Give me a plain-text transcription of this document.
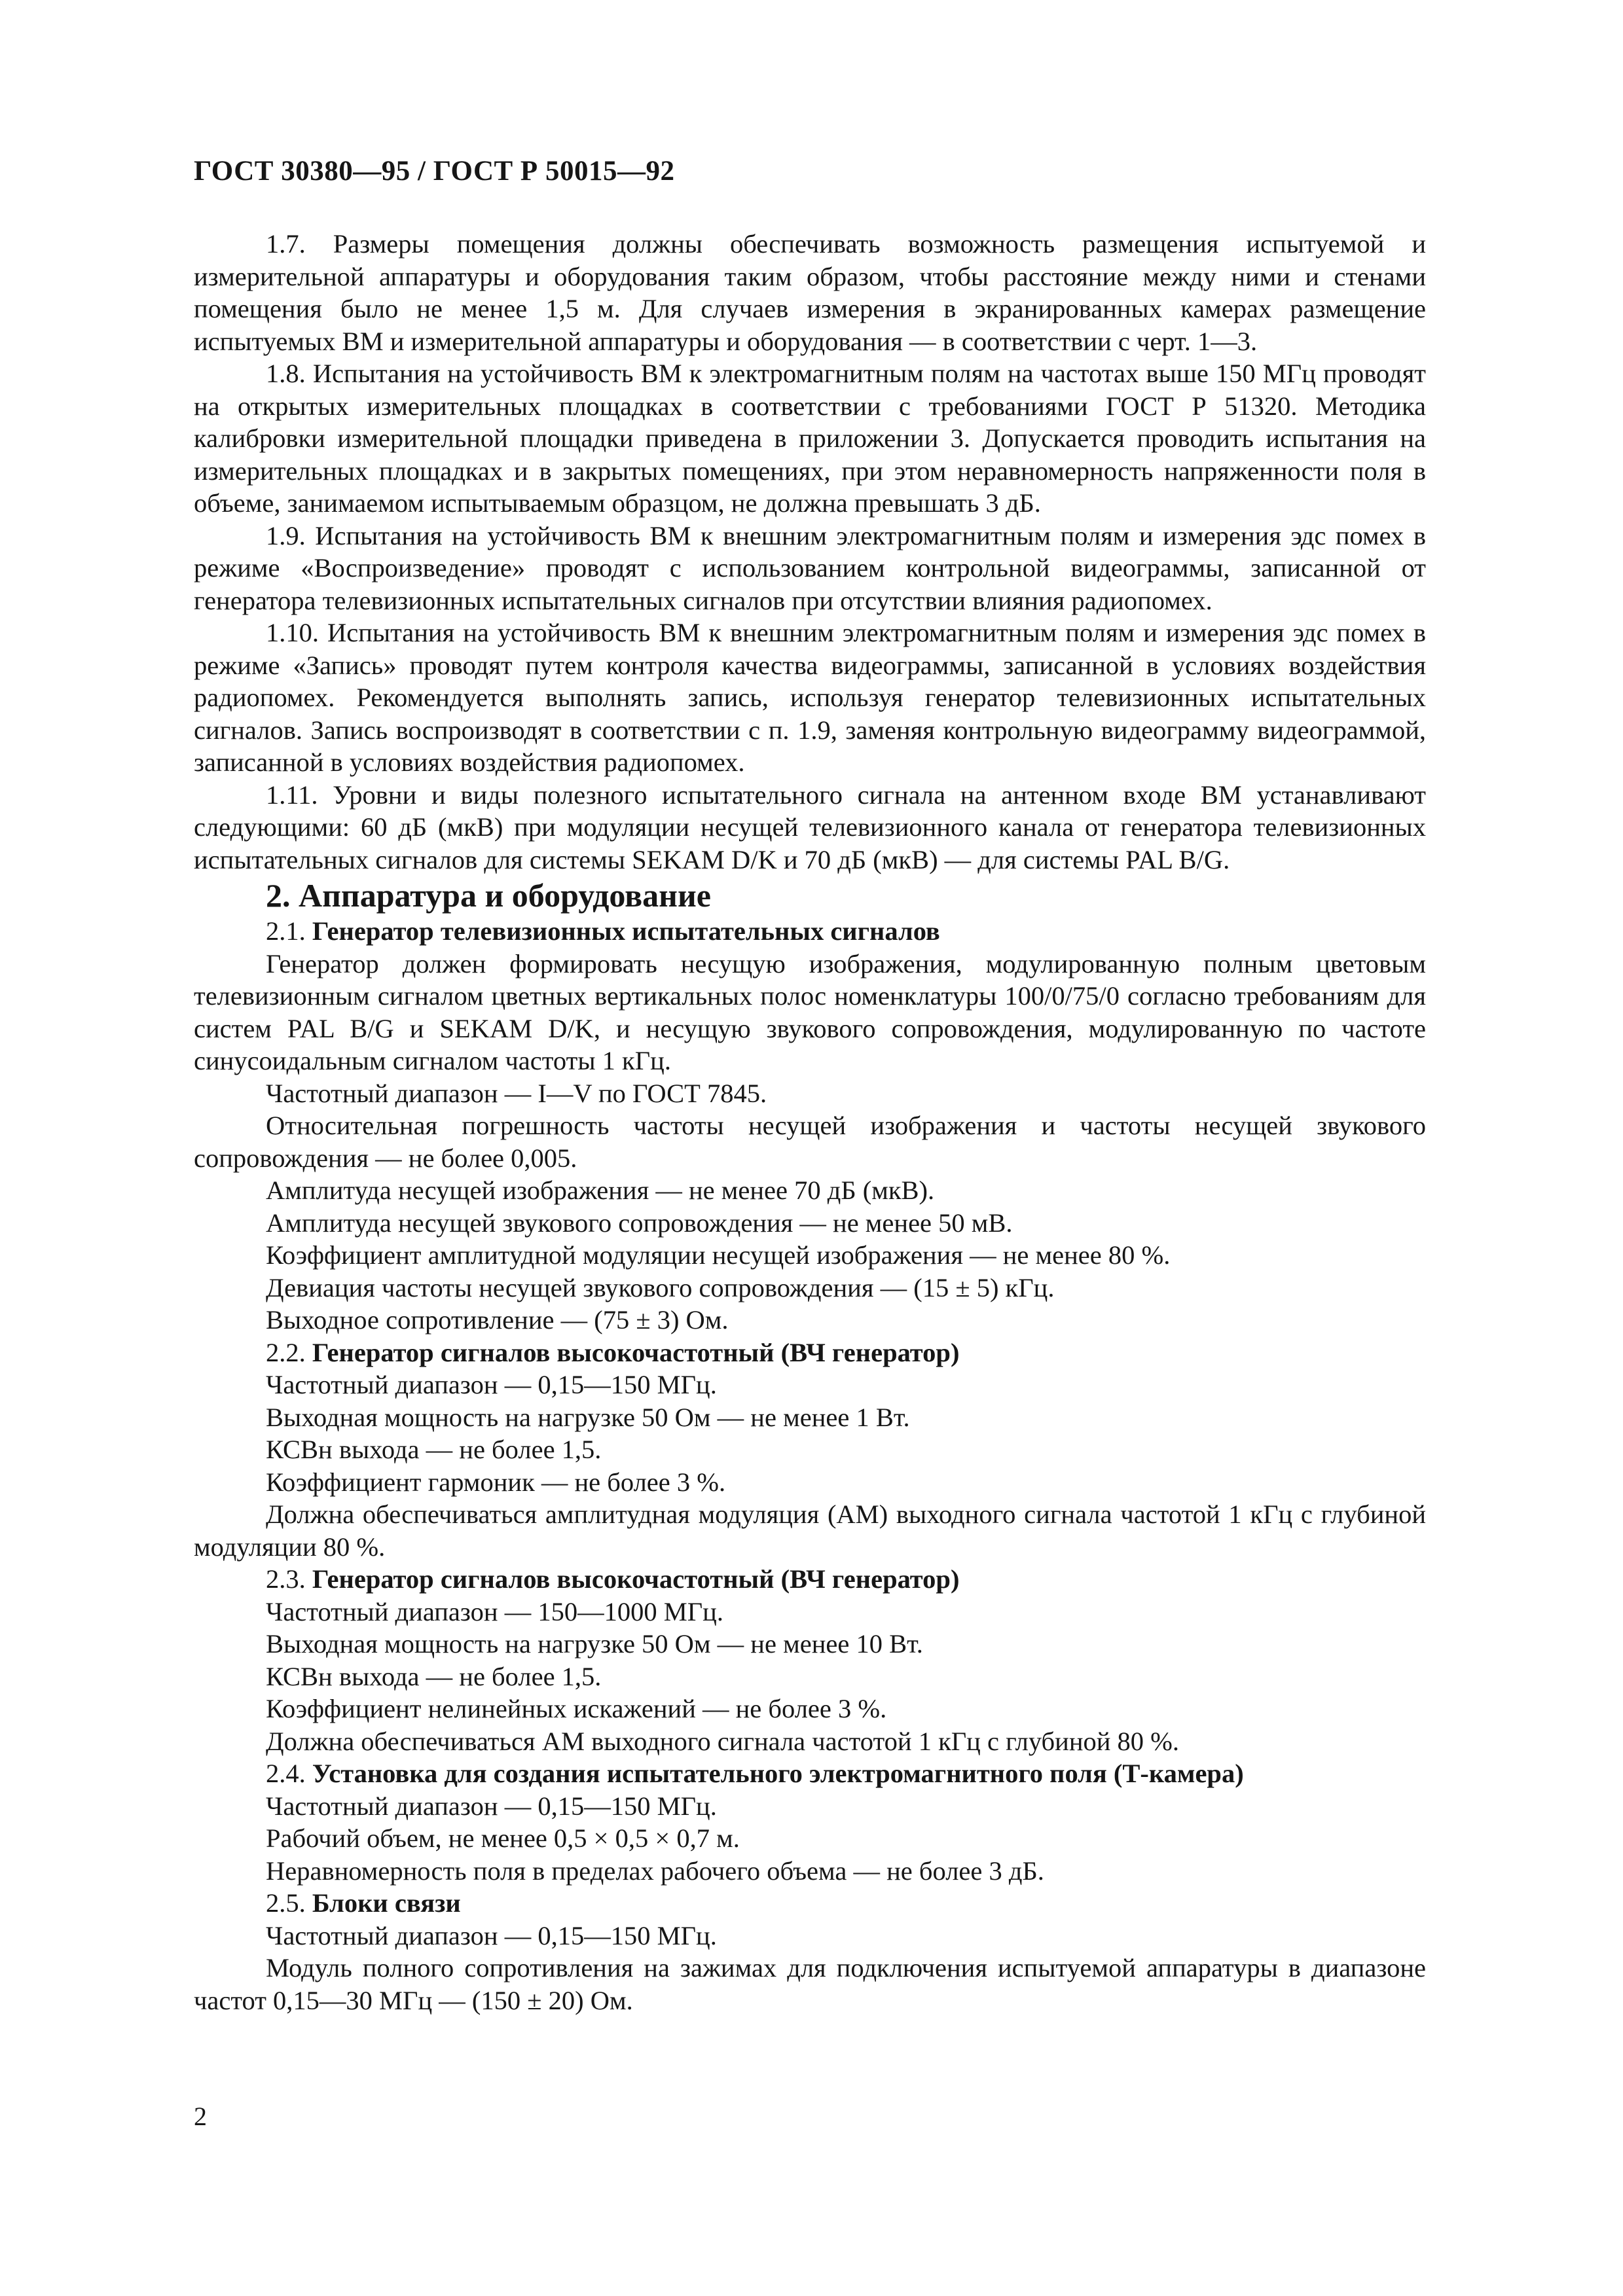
ГОСТ 30380—95 / ГОСТ Р 50015—92

1.7. Размеры помещения должны обеспечивать возможность размещения испытуемой и измерительной аппаратуры и оборудования таким образом, чтобы расстояние между ними и стенами помещения было не менее 1,5 м. Для случаев измерения в экранированных камерах размещение испытуемых ВМ и измерительной аппаратуры и оборудования — в соответствии с черт. 1—3.

1.8. Испытания на устойчивость ВМ к электромагнитным полям на частотах выше 150 МГц проводят на открытых измерительных площадках в соответствии с требованиями ГОСТ Р 51320. Методика калибровки измерительной площадки приведена в приложении 3. Допускается проводить испытания на измерительных площадках и в закрытых помещениях, при этом неравномерность напряженности поля в объеме, занимаемом испытываемым образцом, не должна превышать 3 дБ.

1.9. Испытания на устойчивость ВМ к внешним электромагнитным полям и измерения эдс помех в режиме «Воспроизведение» проводят с использованием контрольной видеограммы, записанной от генератора телевизионных испытательных сигналов при отсутствии влияния радиопомех.

1.10. Испытания на устойчивость ВМ к внешним электромагнитным полям и измерения эдс помех в режиме «Запись» проводят путем контроля качества видеограммы, записанной в условиях воздействия радиопомех. Рекомендуется выполнять запись, используя генератор телевизионных испытательных сигналов. Запись воспроизводят в соответствии с п. 1.9, заменяя контрольную видеограмму видеограммой, записанной в условиях воздействия радиопомех.

1.11. Уровни и виды полезного испытательного сигнала на антенном входе ВМ устанавливают следующими: 60 дБ (мкВ) при модуляции несущей телевизионного канала от генератора телевизионных испытательных сигналов для системы SEKAM D/K и 70 дБ (мкВ) — для системы PAL B/G.

2. Аппаратура и оборудование

2.1. Генератор телевизионных испытательных сигналов

Генератор должен формировать несущую изображения, модулированную полным цветовым телевизионным сигналом цветных вертикальных полос номенклатуры 100/0/75/0 согласно требованиям для систем PAL B/G и SEKAM D/K, и несущую звукового сопровождения, модулированную по частоте синусоидальным сигналом частоты 1 кГц.

Частотный диапазон — I—V по ГОСТ 7845.

Относительная погрешность частоты несущей изображения и частоты несущей звукового сопровождения — не более 0,005.

Амплитуда несущей изображения — не менее 70 дБ (мкВ).

Амплитуда несущей звукового сопровождения — не менее 50 мВ.

Коэффициент амплитудной модуляции несущей изображения — не менее 80 %.

Девиация частоты несущей звукового сопровождения — (15 ± 5) кГц.

Выходное сопротивление — (75 ± 3) Ом.

2.2. Генератор сигналов высокочастотный (ВЧ генератор)

Частотный диапазон — 0,15—150 МГц.

Выходная мощность на нагрузке 50 Ом — не менее 1 Вт.

КСВн выхода — не более 1,5.

Коэффициент гармоник — не более 3 %.

Должна обеспечиваться амплитудная модуляция (АМ) выходного сигнала частотой 1 кГц с глубиной модуляции 80 %.

2.3. Генератор сигналов высокочастотный (ВЧ генератор)

Частотный диапазон — 150—1000 МГц.

Выходная мощность на нагрузке 50 Ом — не менее 10 Вт.

КСВн выхода — не более 1,5.

Коэффициент нелинейных искажений — не более 3 %.

Должна обеспечиваться АМ выходного сигнала частотой 1 кГц с глубиной 80 %.

2.4. Установка для создания испытательного электромагнитного поля (Т-камера)

Частотный диапазон — 0,15—150 МГц.

Рабочий объем, не менее 0,5 × 0,5 × 0,7 м.

Неравномерность поля в пределах рабочего объема — не более 3 дБ.

2.5. Блоки связи

Частотный диапазон — 0,15—150 МГц.

Модуль полного сопротивления на зажимах для подключения испытуемой аппаратуры в диапазоне частот 0,15—30 МГц — (150 ± 20) Ом.

2
